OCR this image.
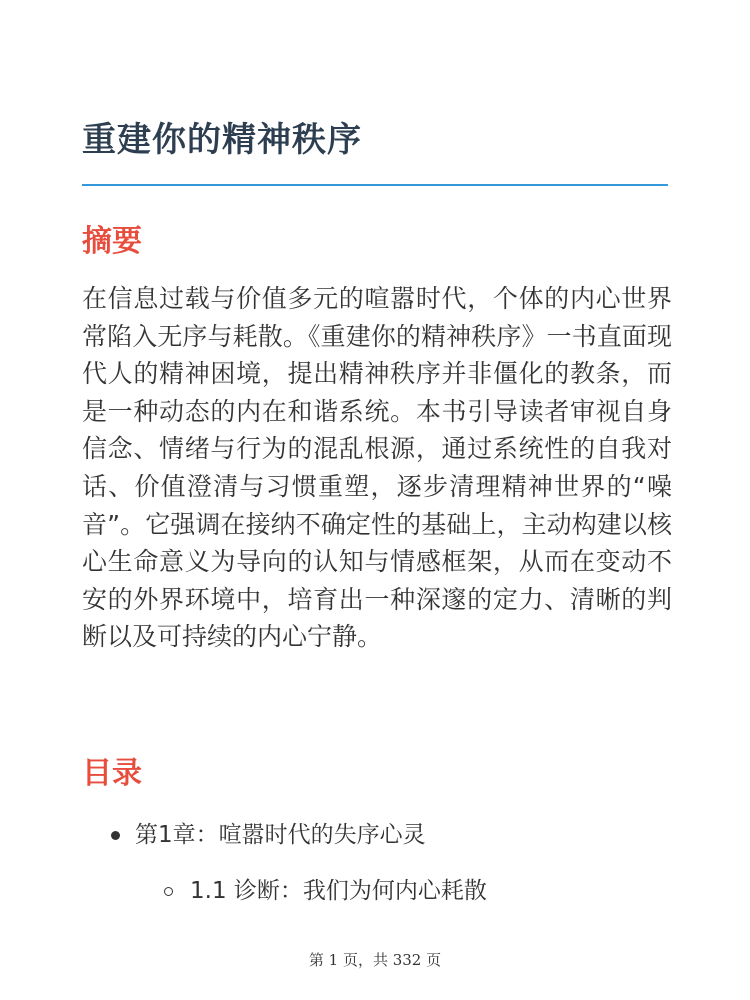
重建你的精神秩序
摘要

在信息过载与价值多元的喧嚣时代，个体的内心世界常陷入无序与耗散。《重建你的精神秩序》一书直面现代人的精神困境，提出精神秩序并非僵化的教条，而是一种动态的内在和谐系统。本书引导读者审视自身信念、情绪与行为的混乱根源，通过系统性的自我对话、价值澄清与习惯重塑，逐步清理精神世界的“噪音”。它强调在接纳不确定性的基础上，主动构建以核心生命意义为导向的认知与情感框架，从而在变动不安的外界环境中，培育出一种深邃的定力、清晰的判断以及可持续的内心宁静。

目录
第1章：喧嚣时代的失序心灵
1.1 诊断：我们为何内心耗散
第 1 页，共 332 页
